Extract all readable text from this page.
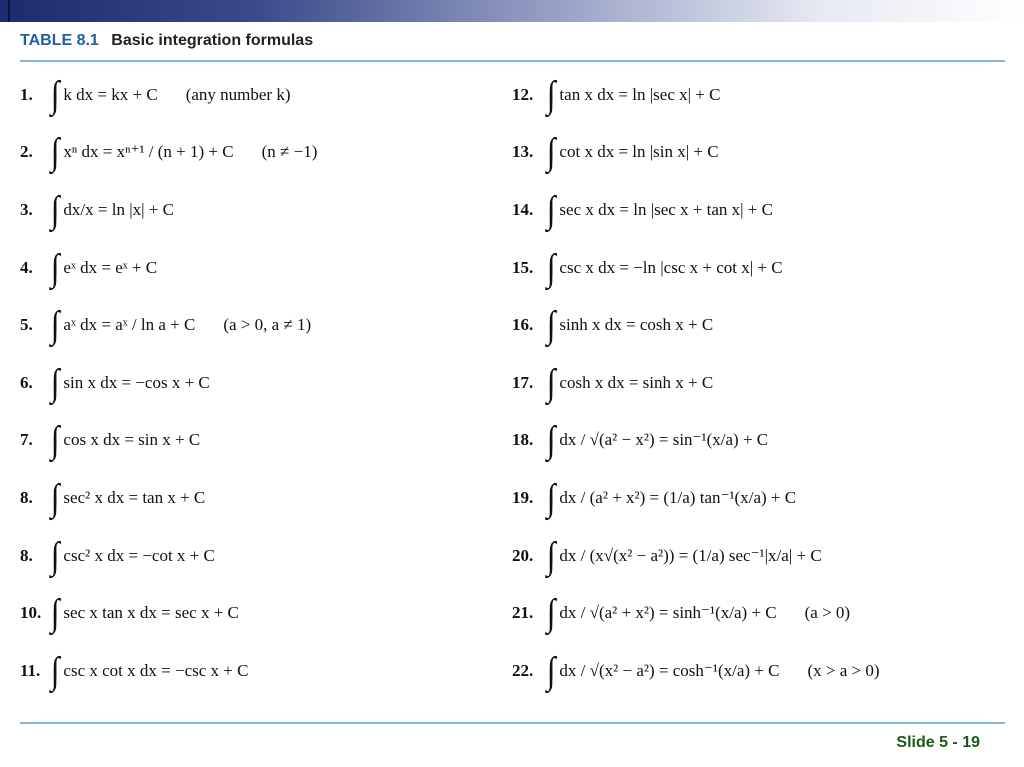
TABLE 8.1 Basic integration formulas
1. ∫ k dx = kx + C (any number k)
2. ∫ xⁿ dx = xⁿ⁺¹ / (n + 1) + C (n ≠ −1)
3. ∫ dx/x = ln |x| + C
4. ∫ eˣ dx = eˣ + C
5. ∫ aˣ dx = aˣ / ln a + C (a > 0, a ≠ 1)
6. ∫ sin x dx = −cos x + C
7. ∫ cos x dx = sin x + C
8. ∫ sec² x dx = tan x + C
8. ∫ csc² x dx = −cot x + C
10. ∫ sec x tan x dx = sec x + C
11. ∫ csc x cot x dx = −csc x + C
12. ∫ tan x dx = ln |sec x| + C
13. ∫ cot x dx = ln |sin x| + C
14. ∫ sec x dx = ln |sec x + tan x| + C
15. ∫ csc x dx = −ln |csc x + cot x| + C
16. ∫ sinh x dx = cosh x + C
17. ∫ cosh x dx = sinh x + C
18. ∫ dx / √(a² − x²) = sin⁻¹(x/a) + C
19. ∫ dx / (a² + x²) = (1/a) tan⁻¹(x/a) + C
20. ∫ dx / (x√(x² − a²)) = (1/a) sec⁻¹|x/a| + C
21. ∫ dx / √(a² + x²) = sinh⁻¹(x/a) + C (a > 0)
22. ∫ dx / √(x² − a²) = cosh⁻¹(x/a) + C (x > a > 0)
Slide 5 - 19
